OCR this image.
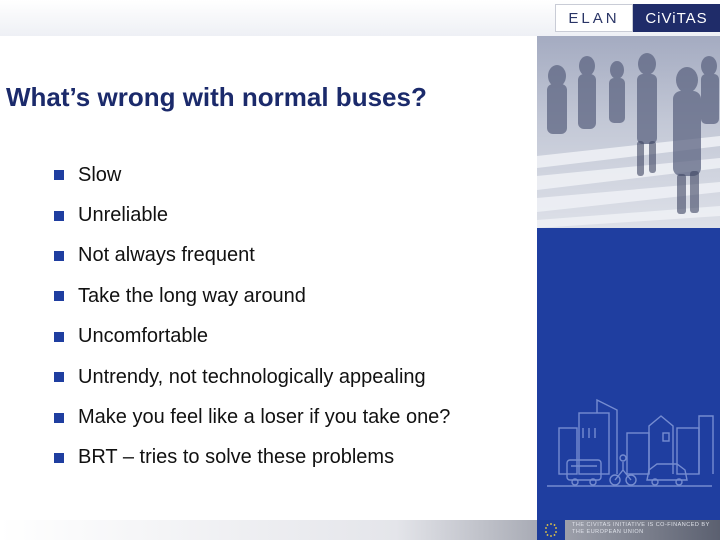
ELAN	CiViTAS
THE CIVITAS INITIATIVE IS CO-FINANCED BY THE EUROPEAN UNION
What’s wrong with normal buses?
Slow
Unreliable
Not always frequent
Take the long way around
Uncomfortable
Untrendy, not technologically appealing
Make you feel like a loser if you take one?
BRT – tries to solve these problems
